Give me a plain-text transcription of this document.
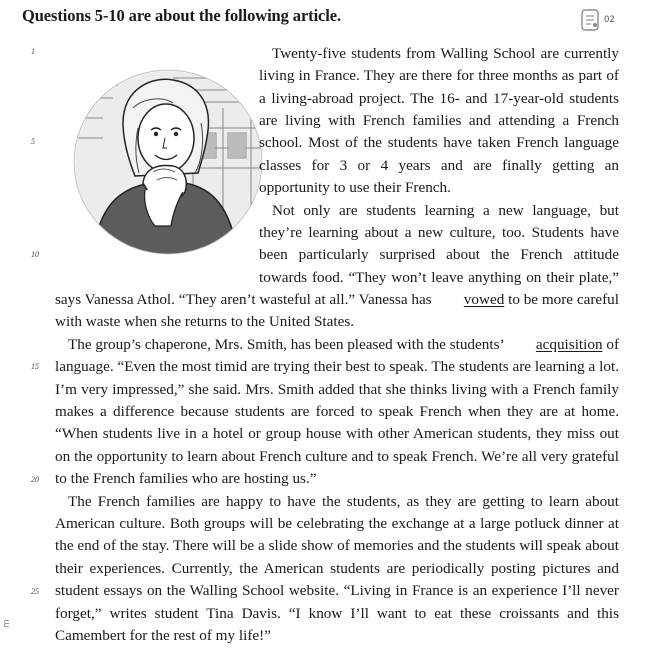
Questions 5-10 are about the following article.	02
1
5
10
15
20
25
Twenty-five students from Walling School are currently
living in France. They are there for three months as part of
a living-abroad project. The 16- and 17-year-old students
are living with French families and attending a French
school. Most of the students have taken French language
classes for 3 or 4 years and are finally getting an
opportunity to use their French.
Not only are students learning a new language, but
they’re learning about a new culture, too. Students have
been particularly surprised about the French attitude
towards food. “They won’t leave anything on their plate,”
says Vanessa Athol. “They aren’t wasteful at all.” Vanessa has vowed to be more careful
with waste when she returns to the United States.
The group’s chaperone, Mrs. Smith, has been pleased with the students’ acquisition of
language. “Even the most timid are trying their best to speak. The students are learning a lot.
I’m very impressed,” she said. Mrs. Smith added that she thinks living with a French family
makes a difference because students are forced to speak French when they are at home.
“When students live in a hotel or group house with other American students, they miss out
on the opportunity to learn about French culture and to speak French. We’re all very grateful
to the French families who are hosting us.”
The French families are happy to have the students, as they are getting to learn about
American culture. Both groups will be celebrating the exchange at a large potluck dinner at
the end of the stay. There will be a slide show of memories and the students will speak about
their experiences. Currently, the American students are periodically posting pictures and
student essays on the Walling School website. “Living in France is an experience I’ll never
forget,” writes student Tina Davis. “I know I’ll want to eat these croissants and this
Camembert for the rest of my life!”
m
